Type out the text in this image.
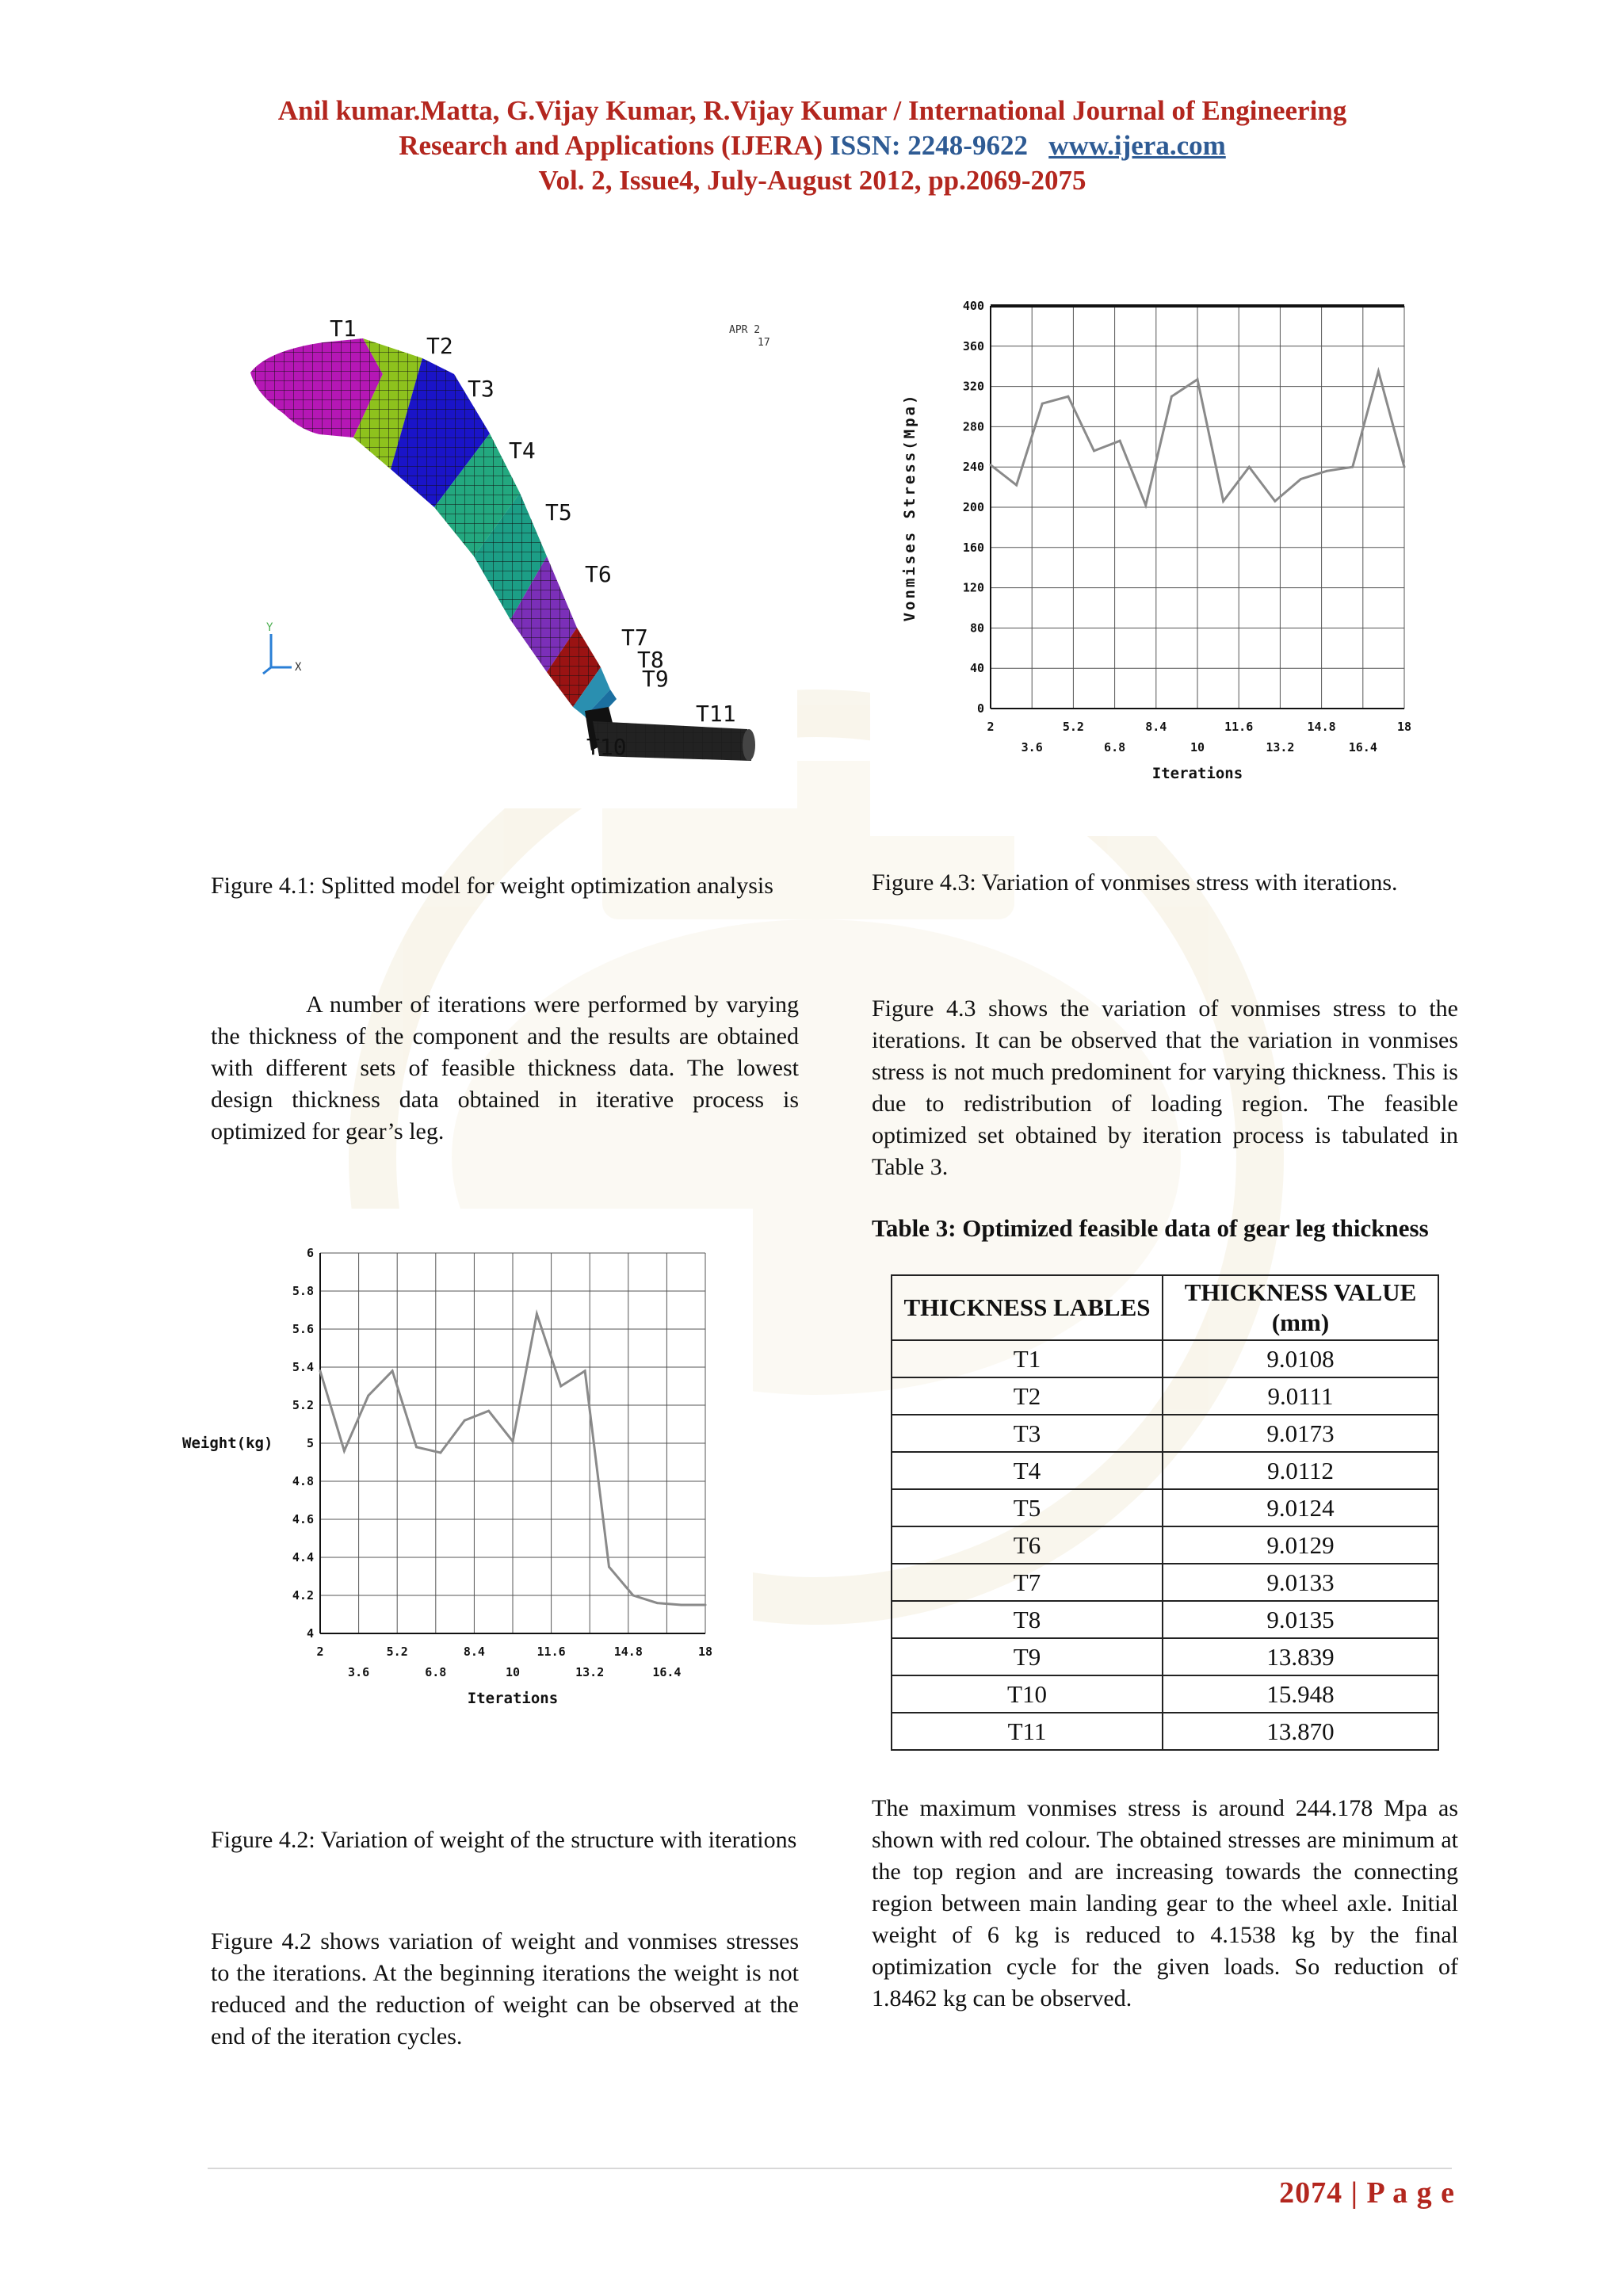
Anil kumar.Matta, G.Vijay Kumar, R.Vijay Kumar / International Journal of Engineering
Research and Applications (IJERA) ISSN: 2248-9622 www.ijera.com
Vol. 2, Issue4, July-August 2012, pp.2069-2075
T1
T2
T3
T4
T5
T6
T7
T8
T9
T11
T10
APR 2
17
Y
X
Figure 4.1: Splitted model for weight optimization analysis
A number of iterations were performed by varying the thickness of the component and the results are obtained with different sets of feasible thickness data. The lowest design thickness data obtained in iterative process is optimized for gear’s leg.
4
4.2
4.4
4.6
4.8
5
5.2
5.4
5.6
5.8
6
2
3.6
5.2
6.8
8.4
10
11.6
13.2
14.8
16.4
18
Iterations
Weight(kg)
Figure 4.2: Variation of weight of the structure with iterations
Figure 4.2 shows variation of weight and vonmises stresses to the iterations. At the beginning iterations the weight is not reduced and the reduction of weight can be observed at the end of the iteration cycles.
0
40
80
120
160
200
240
280
320
360
400
2
3.6
5.2
6.8
8.4
10
11.6
13.2
14.8
16.4
18
Iterations
Vonmises Stress(Mpa)
Figure 4.3: Variation of vonmises stress with iterations.
Figure 4.3 shows the variation of vonmises stress to the iterations. It can be observed that the variation in vonmises stress is not much predominent for varying thickness. This is due to redistribution of loading region. The feasible optimized set obtained by iteration process is tabulated in Table 3.
Table 3: Optimized feasible data of gear leg thickness
THICKNESS LABLES	THICKNESS VALUE (mm)
T1	9.0108
T2	9.0111
T3	9.0173
T4	9.0112
T5	9.0124
T6	9.0129
T7	9.0133
T8	9.0135
T9	13.839
T10	15.948
T11	13.870
The maximum vonmises stress is around 244.178 Mpa as shown with red colour. The obtained stresses are minimum at the top region and are increasing towards the connecting region between main landing gear to the wheel axle. Initial weight of 6 kg is reduced to 4.1538 kg by the final optimization cycle for the given loads. So reduction of 1.8462 kg can be observed.
2074 | P a g e
